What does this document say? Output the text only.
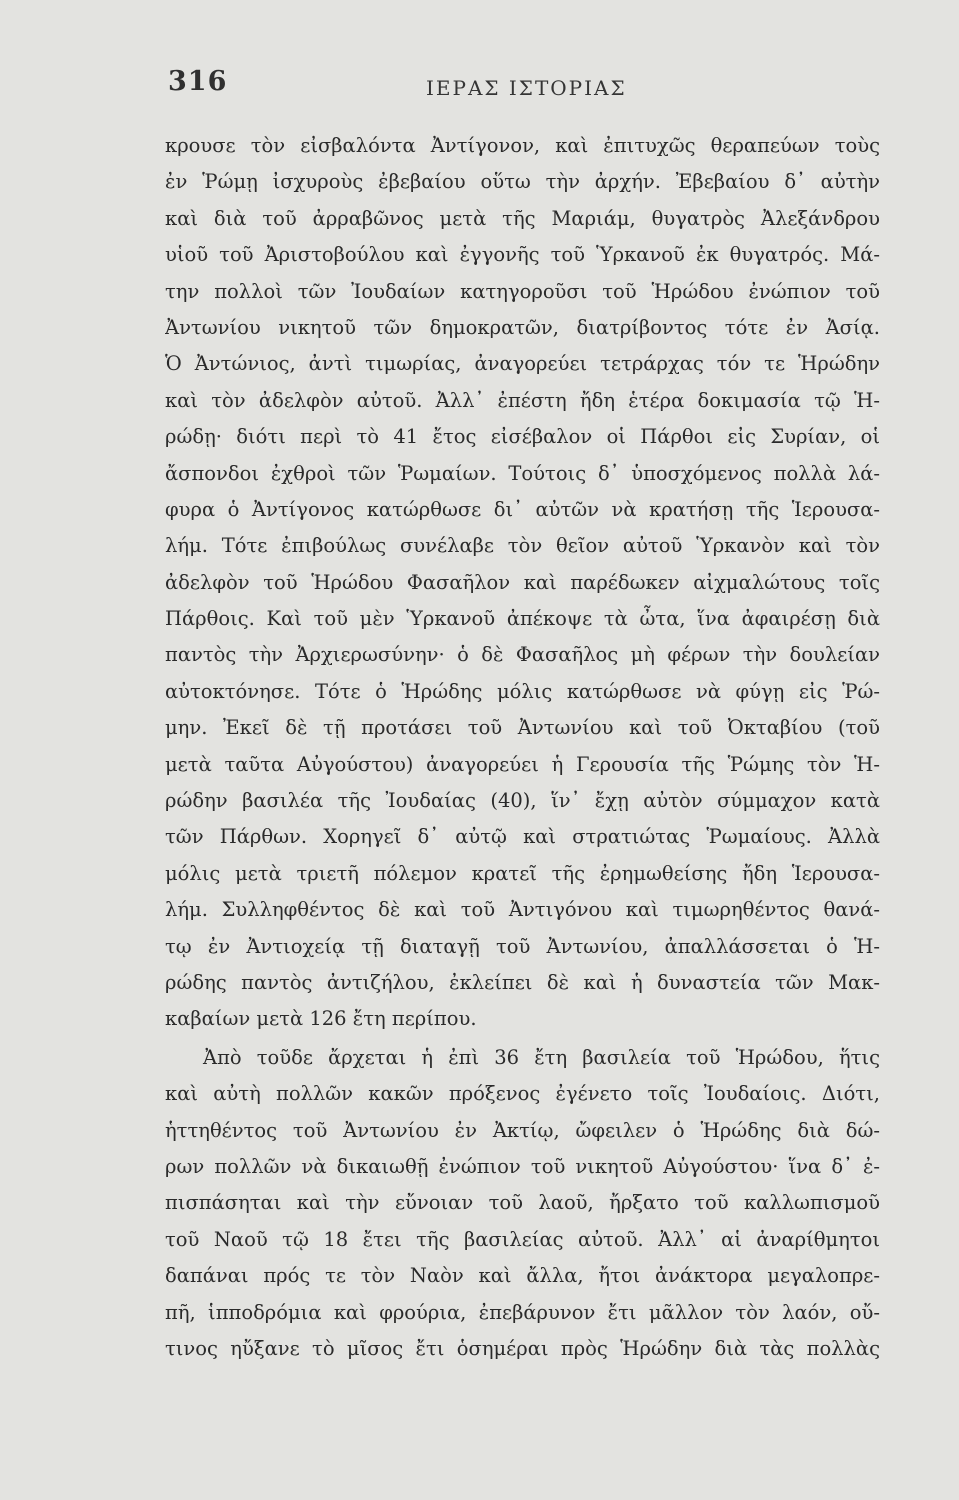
316	ΙΕΡΑΣ ΙΣΤΟΡΙΑΣ
κρουσε τὸν εἰσβαλόντα Ἀντίγονον, καὶ ἐπιτυχῶς θεραπεύων τοὺς
ἐν Ῥώμῃ ἰσχυροὺς ἐβεβαίου οὕτω τὴν ἀρχήν. Ἐβεβαίου δ᾽ αὐτὴν
καὶ διὰ τοῦ ἀρραβῶνος μετὰ τῆς Μαριάμ, θυγατρὸς Ἀλεξάνδρου
υἱοῦ τοῦ Ἀριστοβούλου καὶ ἐγγονῆς τοῦ Ὑρκανοῦ ἐκ θυγατρός. Μά-
την πολλοὶ τῶν Ἰουδαίων κατηγοροῦσι τοῦ Ἡρώδου ἐνώπιον τοῦ
Ἀντωνίου νικητοῦ τῶν δημοκρατῶν, διατρίβοντος τότε ἐν Ἀσίᾳ.
Ὁ Ἀντώνιος, ἀντὶ τιμωρίας, ἀναγορεύει τετράρχας τόν τε Ἡρώδην
καὶ τὸν ἀδελφὸν αὐτοῦ. Ἀλλ᾽ ἐπέστη ἤδη ἑτέρα δοκιμασία τῷ Ἡ-
ρώδῃ· διότι περὶ τὸ 41 ἔτος εἰσέβαλον οἱ Πάρθοι εἰς Συρίαν, οἱ
ἄσπονδοι ἐχθροὶ τῶν Ῥωμαίων. Τούτοις δ᾽ ὑποσχόμενος πολλὰ λά-
φυρα ὁ Ἀντίγονος κατώρθωσε δι᾽ αὐτῶν νὰ κρατήσῃ τῆς Ἱερουσα-
λήμ. Τότε ἐπιβούλως συνέλαβε τὸν θεῖον αὐτοῦ Ὑρκανὸν καὶ τὸν
ἀδελφὸν τοῦ Ἡρώδου Φασαῆλον καὶ παρέδωκεν αἰχμαλώτους τοῖς
Πάρθοις. Καὶ τοῦ μὲν Ὑρκανοῦ ἀπέκοψε τὰ ὦτα, ἵνα ἀφαιρέσῃ διὰ
παντὸς τὴν Ἀρχιερωσύνην· ὁ δὲ Φασαῆλος μὴ φέρων τὴν δουλείαν
αὐτοκτόνησε. Τότε ὁ Ἡρώδης μόλις κατώρθωσε νὰ φύγῃ εἰς Ῥώ-
μην. Ἐκεῖ δὲ τῇ προτάσει τοῦ Ἀντωνίου καὶ τοῦ Ὀκταβίου (τοῦ
μετὰ ταῦτα Αὐγούστου) ἀναγορεύει ἡ Γερουσία τῆς Ῥώμης τὸν Ἡ-
ρώδην βασιλέα τῆς Ἰουδαίας (40), ἵν᾽ ἔχῃ αὐτὸν σύμμαχον κατὰ
τῶν Πάρθων. Χορηγεῖ δ᾽ αὐτῷ καὶ στρατιώτας Ῥωμαίους. Ἀλλὰ
μόλις μετὰ τριετῆ πόλεμον κρατεῖ τῆς ἐρημωθείσης ἤδη Ἱερουσα-
λήμ. Συλληφθέντος δὲ καὶ τοῦ Ἀντιγόνου καὶ τιμωρηθέντος θανά-
τῳ ἐν Ἀντιοχείᾳ τῇ διαταγῇ τοῦ Ἀντωνίου, ἀπαλλάσσεται ὁ Ἡ-
ρώδης παντὸς ἀντιζήλου, ἐκλείπει δὲ καὶ ἡ δυναστεία τῶν Μακ-
καβαίων μετὰ 126 ἔτη περίπου.
Ἀπὸ τοῦδε ἄρχεται ἡ ἐπὶ 36 ἔτη βασιλεία τοῦ Ἡρώδου, ἥτις
καὶ αὐτὴ πολλῶν κακῶν πρόξενος ἐγένετο τοῖς Ἰουδαίοις. Διότι,
ἡττηθέντος τοῦ Ἀντωνίου ἐν Ἀκτίῳ, ὤφειλεν ὁ Ἡρώδης διὰ δώ-
ρων πολλῶν νὰ δικαιωθῇ ἐνώπιον τοῦ νικητοῦ Αὐγούστου· ἵνα δ᾽ ἐ-
πισπάσηται καὶ τὴν εὔνοιαν τοῦ λαοῦ, ἤρξατο τοῦ καλλωπισμοῦ
τοῦ Ναοῦ τῷ 18 ἔτει τῆς βασιλείας αὐτοῦ. Ἀλλ᾽ αἱ ἀναρίθμητοι
δαπάναι πρός τε τὸν Ναὸν καὶ ἄλλα, ἤτοι ἀνάκτορα μεγαλοπρε-
πῆ, ἱπποδρόμια καὶ φρούρια, ἐπεβάρυνον ἔτι μᾶλλον τὸν λαόν, οὔ-
τινος ηὔξανε τὸ μῖσος ἔτι ὁσημέραι πρὸς Ἡρώδην διὰ τὰς πολλὰς
